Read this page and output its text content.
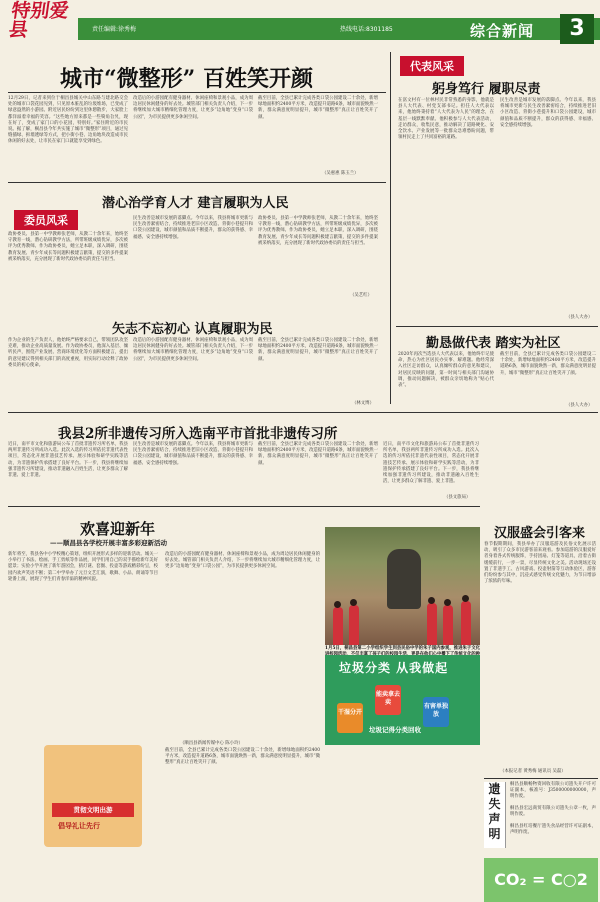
特别爱县	责任编辑:徐秀梅	热线电话:8301185	综合新闻	3
城市“微整形” 百姓笑开颜
12月29日，记者来到位于桐昌县城关中山东路与建北路交会处的城市口袋花园见到，只见原本脏乱的垃圾堆场，已变成了绿意盎然的小游园。附近居民纷纷到这里休憩散步，大家脸上都洋溢着幸福的笑容。“这些地方原来都是一些犄角旮旯，现在好了，变成了家门口的小花园，特别好。”家住附近的市民说。据了解，桐昌县今年共实施了城市“微整形”项目，通过见缝插绿、拆墙透绿等方式，把小街小巷、边角地块改造成市民休闲的好去处，让市民在家门口就能享受到绿色。
改造后的小游园配有健身器材、休闲座椅和景观小品，成为周边居民休闲健身的好去处。城管部门相关负责人介绍，下一步将继续加大城市精细化管理力度，让更多“边角地”变身“口袋公园”，为市民提供更多休闲空间。
截至目前，全县已累计完成各类口袋公园建设二十余处，新增绿地面积约2400平方米，改造提升道路6条，城市面貌焕然一新，群众满意度明显提升，城市“微整形”真正让百姓笑开了颜。
（吴惠惠 陈玉兰）
委员风采
潜心治学育人才 建言履职为人民
政协委员、县第一中学教师张老师，从教二十余年来，始终坚守教育一线，潜心钻研教学方法，所带班级成绩优异，多次被评为优秀教师。作为政协委员，她立足本职，深入调研，围绕教育发展、青少年成长等问题积极建言献策，提交的多件提案被采纳落实，充分展现了新时代政协委员的责任与担当。
民生改善是城市发展的落脚点。今年以来，我县将城市更新与民生改善紧密结合，持续推进老旧小区改造、背街小巷提升和口袋公园建设，城市颜值和品质不断提升，群众的获得感、幸福感、安全感持续增强。
政协委员、县第一中学教师张老师，从教二十余年来，始终坚守教育一线，潜心钻研教学方法，所带班级成绩优异，多次被评为优秀教师。作为政协委员，她立足本职，深入调研，围绕教育发展、青少年成长等问题积极建言献策，提交的多件提案被采纳落实，充分展现了新时代政协委员的责任与担当。
（吴艺红）
矢志不忘初心 认真履职为民
作为企业的生产负责人，他始终严格要求自己，带领团队攻坚克难，推动企业高质量发展。作为政协委员，他深入基层、倾听民声，围绕产业发展、营商环境优化等方面积极建言，提出的意见建议得到相关部门的高度重视，用实际行动诠释了政协委员的初心使命。
改造后的小游园配有健身器材、休闲座椅和景观小品，成为周边居民休闲健身的好去处。城管部门相关负责人介绍，下一步将继续加大城市精细化管理力度，让更多“边角地”变身“口袋公园”，为市民提供更多休闲空间。
截至目前，全县已累计完成各类口袋公园建设二十余处，新增绿地面积约2400平方米，改造提升道路6条，城市面貌焕然一新，群众满意度明显提升，城市“微整形”真正让百姓笑开了颜。
（林文博）
我县2所非遗传习所入选南平市首批非遗传习所
近日，南平市文化和旅游局公布了首批非遗传习所名单，我县两所非遗传习所成功入选。此次入选的传习所依托非遗代表性项目，常态化开展非遗技艺传承、展示体验和研学实践等活动，为非遗保护传承搭建了良好平台。下一步，我县将继续加强非遗传习所建设，推动非遗融入百姓生活，让更多群众了解非遗、爱上非遗。
民生改善是城市发展的落脚点。今年以来，我县将城市更新与民生改善紧密结合，持续推进老旧小区改造、背街小巷提升和口袋公园建设，城市颜值和品质不断提升，群众的获得感、幸福感、安全感持续增强。
截至目前，全县已累计完成各类口袋公园建设二十余处，新增绿地面积约2400平方米，改造提升道路6条，城市面貌焕然一新，群众满意度明显提升，城市“微整形”真正让百姓笑开了颜。
近日，南平市文化和旅游局公布了首批非遗传习所名单，我县两所非遗传习所成功入选。此次入选的传习所依托非遗代表性项目，常态化开展非遗技艺传承、展示体验和研学实践等活动，为非遗保护传承搭建了良好平台。下一步，我县将继续加强非遗传习所建设，推动非遗融入百姓生活，让更多群众了解非遗、爱上非遗。
（县文旅局）
欢喜迎新年
——顺昌县各学校开展丰富多彩迎新活动
新年将至，我县各中小学校精心策划，组织开展形式多样的迎新活动。城关一小举行了书法、绘画、手工剪纸等作品展，同学们用自己的双手描绘新年美好愿景；实验小学开展了新年游园会，猜灯谜、套圈、投壶等游戏精彩纷呈，校园内欢声笑语不断；第二中学举办了元旦文艺汇演，歌舞、小品、朗诵等节目轮番上演，展现了学生们青春洋溢的精神风貌。
改造后的小游园配有健身器材、休闲座椅和景观小品，成为周边居民休闲健身的好去处。城管部门相关负责人介绍，下一步将继续加大城市精细化管理力度，让更多“边角地”变身“口袋公园”，为市民提供更多休闲空间。
（顺昌县新闻传媒中心 陈小玲）
截至目前，全县已累计完成各类口袋公园建设二十余处，新增绿地面积约2400平方米，改造提升道路6条，城市面貌焕然一新，群众满意度明显提升，城市“微整形”真正让百姓笑开了颜。
贯彻文明出游
倡导礼让先行
1月5日，桐昌县第二小学组织学生到县民俗中学的朱子国内参观，推进朱子文化
垃圾分类 从我做起
干湿分开
能卖拿去卖
有害单独放
垃圾记得分类回收
代表风采
躬身笃行 履职尽责
在富文村有一位林村民非常熟悉的身影，他就是县人大代表、村党支部书记。担任人大代表以来，他始终秉持着“人大代表为人民”的理念，在基层一线默默奉献。他积极参与人大代表活动，走访群众，收集民意，推动解决了道路硬化、安全饮水、产业发展等一批群众急难愁盼问题，带领村民走上了共同富裕的道路。
民生改善是城市发展的落脚点。今年以来，我县将城市更新与民生改善紧密结合，持续推进老旧小区改造、背街小巷提升和口袋公园建设，城市颜值和品质不断提升，群众的获得感、幸福感、安全感持续增强。
（县人大办）
勤恳做代表 踏实为社区
2020年再次当选县人大代表以来，他始终牢记使命，热心为社区居民办实事、解难题。他经常深入社区走访群众，认真倾听群众的意见和建议，对居民反映的问题，第一时间与相关部门沟通协调，推动问题解决，被群众亲切地称为“贴心代表”。
截至目前，全县已累计完成各类口袋公园建设二十余处，新增绿地面积约2400平方米，改造提升道路6条，城市面貌焕然一新，群众满意度明显提升，城市“微整形”真正让百姓笑开了颜。
（县人大办）
汉服盛会引客来
春节假期期间，我县举办了汉服巡游及民俗文化展示活动，吸引了众多市民游客前来观看。参加巡游的汉服爱好者身着各式传统服饰，手持团扇、灯笼等道具，沿着古街缓缓前行，一步一景，尽显传统文化之美。活动现场还设置了非遗手工、古风游戏、投壶射箭等互动体验区，游客们纷纷参与其中，沉浸式感受传统文化魅力，为节日增添了浓浓的年味。
（本报记者 黄秀梅 通讯员 吴磊）
遗失声明
桐昌县顺畅物资回收有限公司遗失开户许可证副本，核准号：J3500000000000，声明作废。
桐昌县宏远商贸有限公司遗失公章一枚，声明作废。
桐昌县红培餐厅遗失食品经营许可证副本，声明作废。
CO₂ = C○2
